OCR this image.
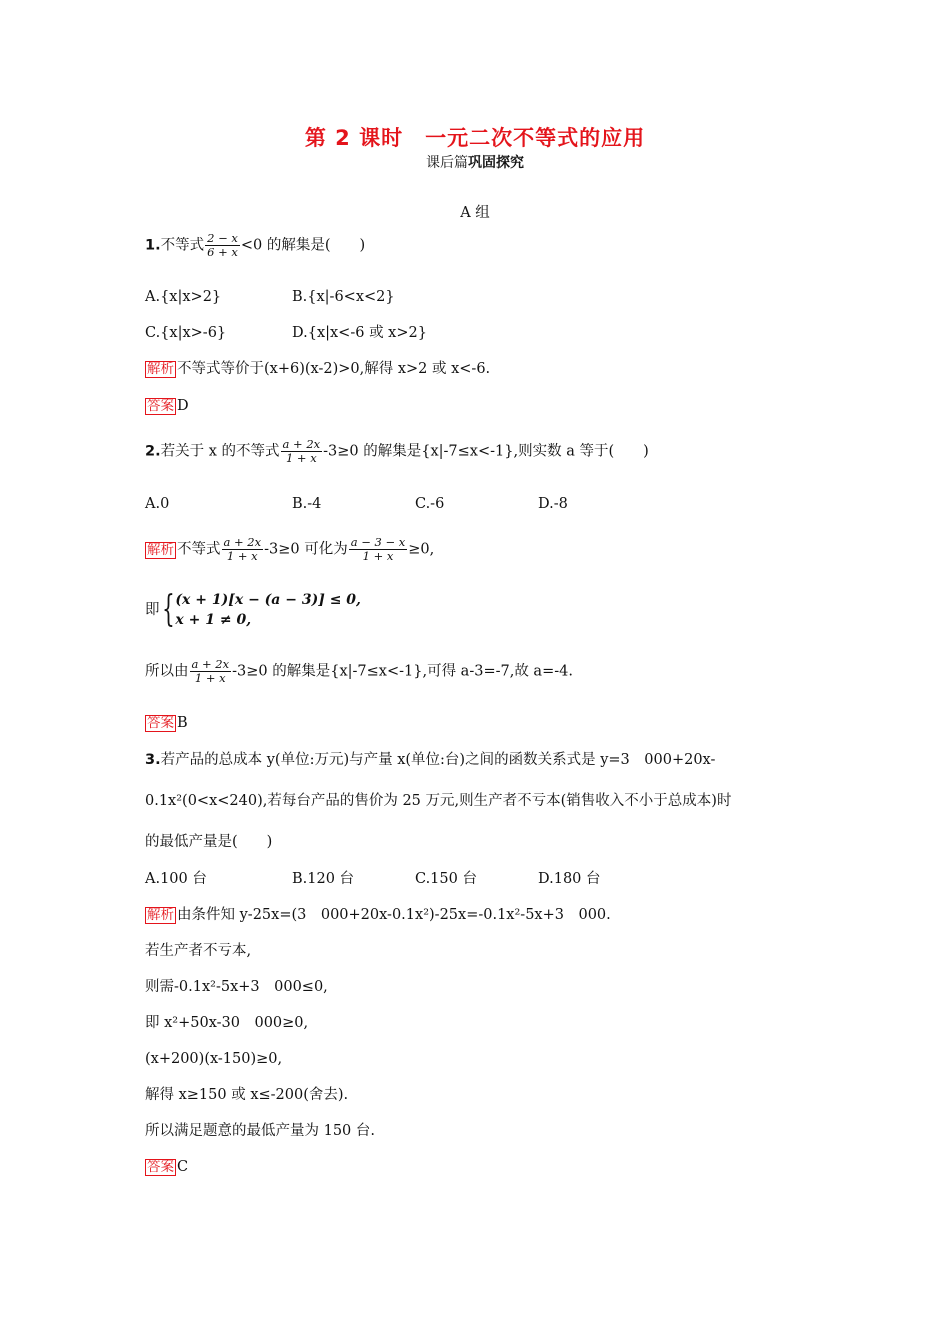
第 2 课时　一元二次不等式的应用
课后篇巩固探究
A 组
1.不等式 $\frac{2 - x}{6 + x} <0$ 的解集是(　　)
A.{x|x>2}	B.{x|-6<x<2}
C.{x|x>-6}	D.{x|x<-6 或 x>2}
解析 不等式等价于(x+6)(x-2)>0,解得 x>2 或 x<-6.
答案 D
2.若关于 x 的不等式 $\frac{a + 2x}{1 + x} -3\ge 0$ 的解集是{x|-7≤x<-1},则实数 a 等于(　　)
A.0	B.-4	C.-6	D.-8
解析 不等式 $\frac{a + 2x}{1 + x} -3\ge 0$ 可化为 $\frac{a - 3 - x}{1 + x} \ge 0$,
即{ (x + 1)[x − (a − 3)] ≤ 0,
x + 1 ≠ 0,
所以由 $\frac{a + 2x}{1 + x} -3\ge 0$ 的解集是{x|-7≤x<-1},可得 a-3=-7,故 a=-4.
答案 B
3.若产品的总成本 y(单位:万元)与产量 x(单位:台)之间的函数关系式是 y=3　000+20x-
0.1x²(0<x<240),若每台产品的售价为 25 万元,则生产者不亏本(销售收入不小于总成本)时
的最低产量是(　　)
A.100 台	B.120 台	C.150 台	D.180 台
解析 由条件知 y-25x=(3　000+20x-0.1x²)-25x=-0.1x²-5x+3　000.
若生产者不亏本,
则需-0.1x²-5x+3　000≤0,
即 x²+50x-30　000≥0,
(x+200)(x-150)≥0,
解得 x≥150 或 x≤-200(舍去).
所以满足题意的最低产量为 150 台.
答案 C
